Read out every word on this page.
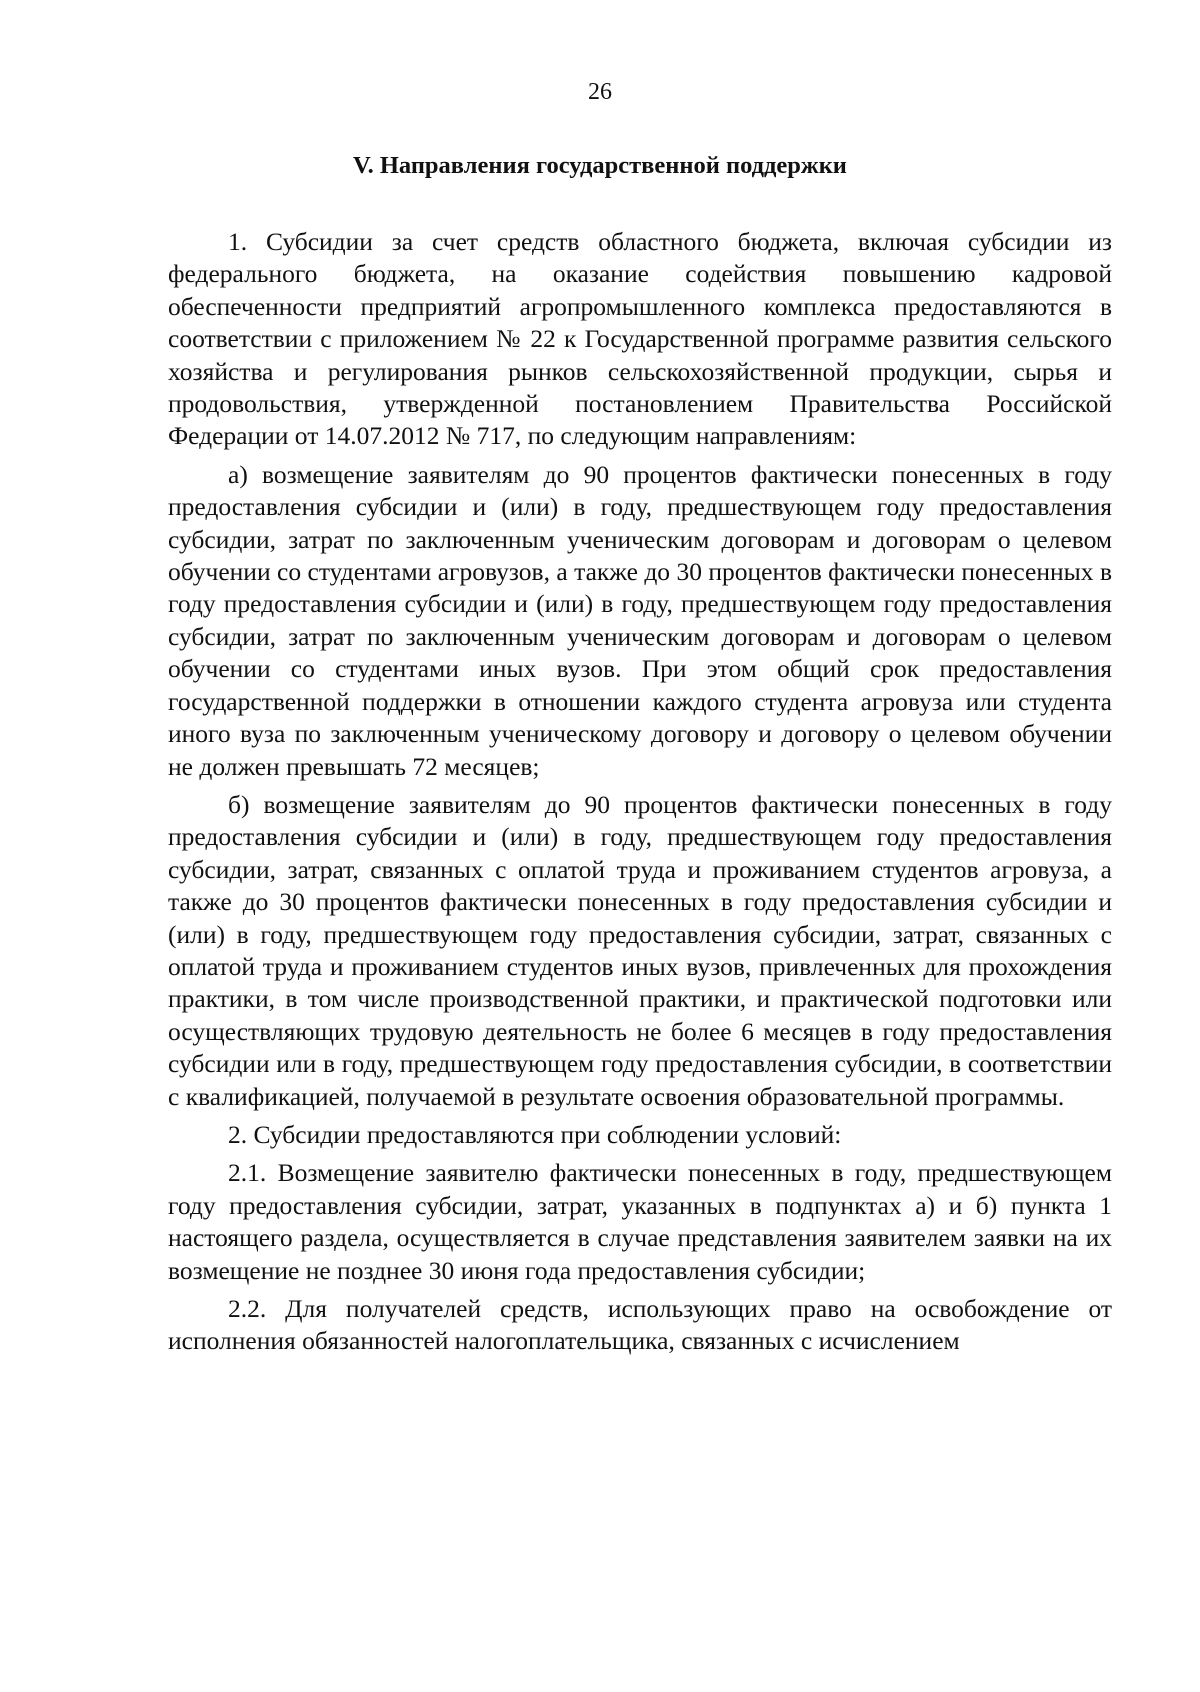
26
V. Направления государственной поддержки

1. Субсидии за счет средств областного бюджета, включая субсидии из федерального бюджета, на оказание содействия повышению кадровой обеспеченности предприятий агропромышленного комплекса предоставляются в соответствии с приложением № 22 к Государственной программе развития сельского хозяйства и регулирования рынков сельскохозяйственной продукции, сырья и продовольствия, утвержденной постановлением Правительства Российской Федерации от 14.07.2012 № 717, по следующим направлениям:

а) возмещение заявителям до 90 процентов фактически понесенных в году предоставления субсидии и (или) в году, предшествующем году предоставления субсидии, затрат по заключенным ученическим договорам и договорам о целевом обучении со студентами агровузов, а также до 30 процентов фактически понесенных в году предоставления субсидии и (или) в году, предшествующем году предоставления субсидии, затрат по заключенным ученическим договорам и договорам о целевом обучении со студентами иных вузов. При этом общий срок предоставления государственной поддержки в отношении каждого студента агровуза или студента иного вуза по заключенным ученическому договору и договору о целевом обучении не должен превышать 72 месяцев;

б) возмещение заявителям до 90 процентов фактически понесенных в году предоставления субсидии и (или) в году, предшествующем году предоставления субсидии, затрат, связанных с оплатой труда и проживанием студентов агровуза, а также до 30 процентов фактически понесенных в году предоставления субсидии и (или) в году, предшествующем году предоставления субсидии, затрат, связанных с оплатой труда и проживанием студентов иных вузов, привлеченных для прохождения практики, в том числе производственной практики, и практической подготовки или осуществляющих трудовую деятельность не более 6 месяцев в году предоставления субсидии или в году, предшествующем году предоставления субсидии, в соответствии с квалификацией, получаемой в результате освоения образовательной программы.

2. Субсидии предоставляются при соблюдении условий:

2.1. Возмещение заявителю фактически понесенных в году, предшествующем году предоставления субсидии, затрат, указанных в подпунктах а) и б) пункта 1 настоящего раздела, осуществляется в случае представления заявителем заявки на их возмещение не позднее 30 июня года предоставления субсидии;

2.2. Для получателей средств, использующих право на освобождение от исполнения обязанностей налогоплательщика, связанных с исчислением
